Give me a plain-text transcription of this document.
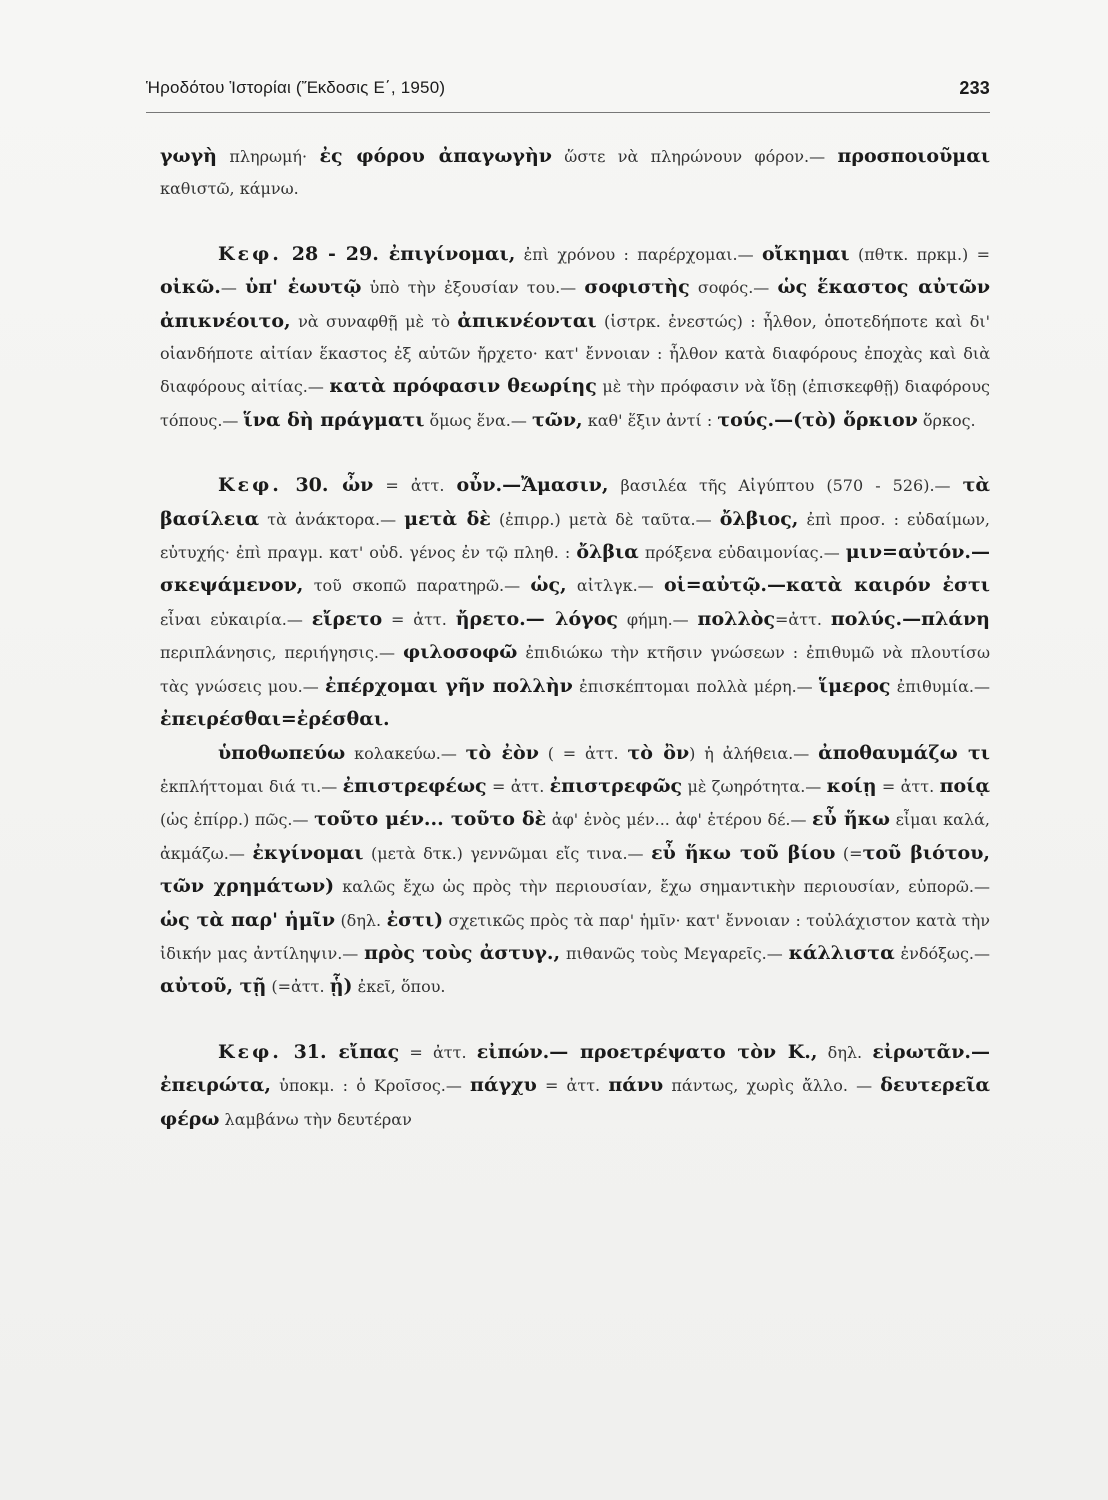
Ἡροδότου Ἱστορίαι (Ἔκδοσις Ε΄, 1950)	233

γωγὴ πληρωμή· ἐς φόρου ἀπαγωγὴν ὥστε νὰ πληρώνουν φόρον.— προσποιοῦμαι καθιστῶ, κάμνω.

Κεφ. 28 - 29. ἐπιγίνομαι, ἐπὶ χρόνου : παρέρχομαι.— οἴκημαι (πθτκ. πρκμ.) = οἰκῶ.— ὑπ' ἑωυτῷ ὑπὸ τὴν ἐξουσίαν του.— σοφιστὴς σοφός.— ὡς ἕκαστος αὐτῶν ἀπικνέοιτο, νὰ συναφθῇ μὲ τὸ ἀπικνέονται (ἱστρκ. ἐνεστώς) : ἦλθον, ὁποτεδήποτε καὶ δι' οἱανδήποτε αἰτίαν ἕκαστος ἐξ αὐτῶν ἤρχετο· κατ' ἔννοιαν : ἦλθον κατὰ διαφόρους ἐποχὰς καὶ διὰ διαφόρους αἰτίας.— κατὰ πρόφασιν θεωρίης μὲ τὴν πρόφασιν νὰ ἴδῃ (ἐπισκεφθῇ) διαφόρους τόπους.— ἵνα δὴ πράγματι ὅμως ἕνα.— τῶν, καθ' ἕξιν ἀντί : τούς.—(τὸ) ὅρκιον ὅρκος.

Κεφ. 30. ὦν = ἀττ. οὖν.—Ἄμασιν, βασιλέα τῆς Αἰγύπτου (570 - 526).— τὰ βασίλεια τὰ ἀνάκτορα.— μετὰ δὲ (ἐπιρρ.) μετὰ δὲ ταῦτα.— ὄλβιος, ἐπὶ προσ. : εὐδαίμων, εὐτυχής· ἐπὶ πραγμ. κατ' οὐδ. γένος ἐν τῷ πληθ. : ὄλβια πρόξενα εὐδαιμονίας.— μιν=αὐτόν.—σκεψάμενον, τοῦ σκοπῶ παρατηρῶ.— ὡς, αἰτλγκ.— οἱ=αὐτῷ.—κατὰ καιρόν ἐστι εἶναι εὐκαιρία.— εἴρετο = ἀττ. ἤρετο.— λόγος φήμη.— πολλὸς=ἀττ. πολύς.—πλάνη περιπλάνησις, περιήγησις.— φιλοσοφῶ ἐπιδιώκω τὴν κτῆσιν γνώσεων : ἐπιθυμῶ νὰ πλουτίσω τὰς γνώσεις μου.— ἐπέρχομαι γῆν πολλὴν ἐπισκέπτομαι πολλὰ μέρη.— ἵμερος ἐπιθυμία.— ἐπειρέσθαι=ἐρέσθαι.

ὑποθωπεύω κολακεύω.— τὸ ἐὸν ( = ἀττ. τὸ ὂν) ἡ ἀλήθεια.— ἀποθαυμάζω τι ἐκπλήττομαι διά τι.— ἐπιστρεφέως = ἀττ. ἐπιστρεφῶς μὲ ζωηρότητα.— κοίῃ = ἀττ. ποίᾳ (ὡς ἐπίρρ.) πῶς.— τοῦτο μέν... τοῦτο δὲ ἀφ' ἑνὸς μέν... ἀφ' ἑτέρου δέ.— εὖ ἥκω εἶμαι καλά, ἀκμάζω.— ἐκγίνομαι (μετὰ δτκ.) γεννῶμαι εἴς τινα.— εὖ ἥκω τοῦ βίου (=τοῦ βιότου, τῶν χρημάτων) καλῶς ἔχω ὡς πρὸς τὴν περιουσίαν, ἔχω σημαντικὴν περιουσίαν, εὐπορῶ.— ὡς τὰ παρ' ἡμῖν (δηλ. ἐστι) σχετικῶς πρὸς τὰ παρ' ἡμῖν· κατ' ἔννοιαν : τοὐλάχιστον κατὰ τὴν ἰδικήν μας ἀντίληψιν.— πρὸς τοὺς ἀστυγ., πιθανῶς τοὺς Μεγαρεῖς.— κάλλιστα ἐνδόξως.— αὐτοῦ, τῇ (=ἀττ. ᾗ) ἐκεῖ, ὅπου.

Κεφ. 31. εἴπας = ἀττ. εἰπών.— προετρέψατο τὸν Κ., δηλ. εἰρωτᾶν.— ἐπειρώτα, ὑποκμ. : ὁ Κροῖσος.— πάγχυ = ἀττ. πάνυ πάντως, χωρὶς ἄλλο. — δευτερεῖα φέρω λαμβάνω τὴν δευτέραν
